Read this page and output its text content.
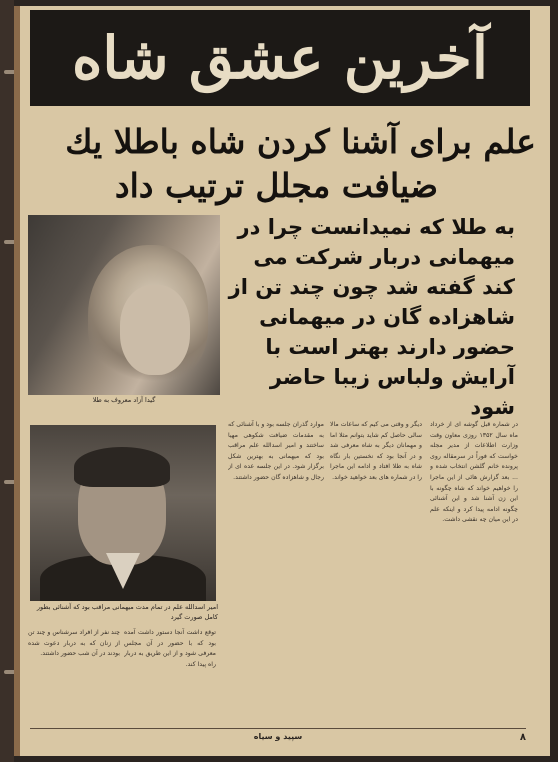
آخرین عشق شاه
علم برای آشنا کردن شاه باطلا یك
ضیافت مجلل ترتیب داد
به طلا که نمیدانست چرا در میهمانی دربار شرکت می کند گفته شد چون چند تن از شاهزاده گان در میهمانی حضور دارند بهتر است با آرایش ولباس زیبا حاضر شود
گیدا آزاد معروف به طلا
امیر اسدالله علم در تمام مدت میهمانی مراقب بود که آشنائی بطور کامل صورت گیرد
در شماره قبل گوشه ای از خرداد ماه سال ۱۳۵۲ روزی معاون وقت وزارت اطلاعات از مدیر مجله خواست که فوراً در سرمقاله روی پرونده خانم گلشن انتخاب شده و ... بعد گزارش هائی از این ماجرا را خواهیم خواند که شاه چگونه با این زن آشنا شد و این آشنائی چگونه ادامه پیدا کرد و اینکه علم در این میان چه نقشی داشت.
دیگر و وقتی می کیم که ساعات مالا سالی حاصل کم شاید بتوانم مثلا اما و مهمانان دیگر به شاه معرفی شد و در آنجا بود که نخستین بار نگاه شاه به طلا افتاد و ادامه این ماجرا را در شماره های بعد خواهید خواند.
موارد گذران جلسه بود و با آشنائی که به مقدمات ضیافت شکوهی مهیا ساختند و امیر اسدالله علم مراقب بود که میهمانی به بهترین شکل برگزار شود. در این جلسه عده ای از رجال و شاهزاده گان حضور داشتند.
توقع داشت آنجا دستور داشت آمده بود که با حضور در آن مجلس معرفی شود و از این طریق به دربار راه پیدا کند.
چند نفر از افراد سرشناس و چند تن از زنان که به دربار دعوت شده بودند در آن شب حضور داشتند.
۸
سپید و سیاه
